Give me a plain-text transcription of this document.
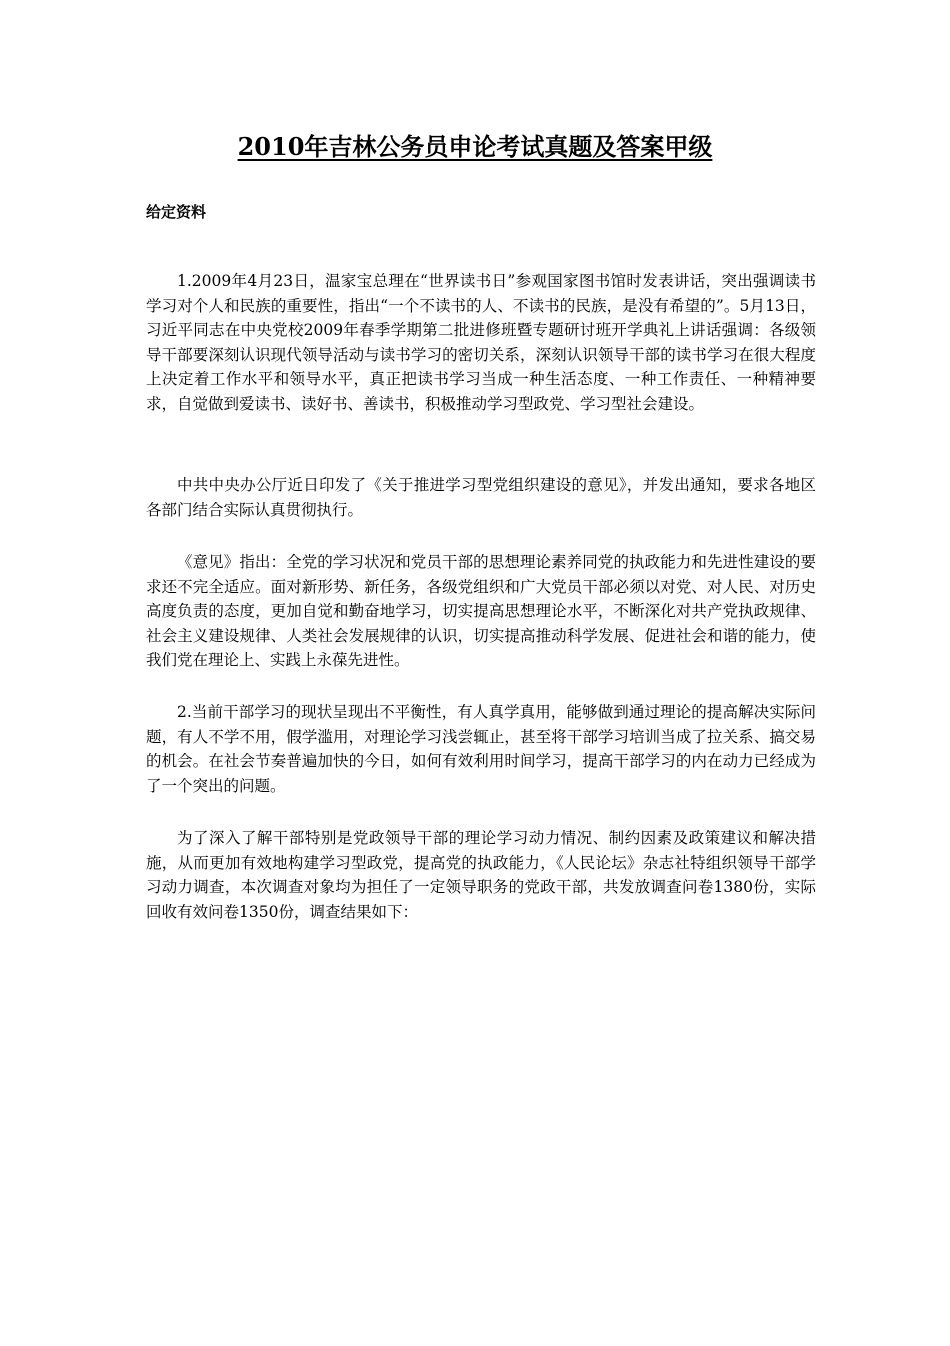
2010年吉林公务员申论考试真题及答案甲级
给定资料

1.2009年4月23日，温家宝总理在“世界读书日”参观国家图书馆时发表讲话，突出强调读书学习对个人和民族的重要性，指出“一个不读书的人、不读书的民族，是没有希望的”。5月13日，习近平同志在中央党校2009年春季学期第二批进修班暨专题研讨班开学典礼上讲话强调：各级领导干部要深刻认识现代领导活动与读书学习的密切关系，深刻认识领导干部的读书学习在很大程度上决定着工作水平和领导水平，真正把读书学习当成一种生活态度、一种工作责任、一种精神要求，自觉做到爱读书、读好书、善读书，积极推动学习型政党、学习型社会建设。

中共中央办公厅近日印发了《关于推进学习型党组织建设的意见》，并发出通知，要求各地区各部门结合实际认真贯彻执行。

《意见》指出：全党的学习状况和党员干部的思想理论素养同党的执政能力和先进性建设的要求还不完全适应。面对新形势、新任务，各级党组织和广大党员干部必须以对党、对人民、对历史高度负责的态度，更加自觉和勤奋地学习，切实提高思想理论水平，不断深化对共产党执政规律、社会主义建设规律、人类社会发展规律的认识，切实提高推动科学发展、促进社会和谐的能力，使我们党在理论上、实践上永葆先进性。

2.当前干部学习的现状呈现出不平衡性，有人真学真用，能够做到通过理论的提高解决实际问题，有人不学不用，假学滥用，对理论学习浅尝辄止，甚至将干部学习培训当成了拉关系、搞交易的机会。在社会节奏普遍加快的今日，如何有效利用时间学习，提高干部学习的内在动力已经成为了一个突出的问题。

为了深入了解干部特别是党政领导干部的理论学习动力情况、制约因素及政策建议和解决措施，从而更加有效地构建学习型政党，提高党的执政能力，《人民论坛》杂志社特组织领导干部学习动力调查，本次调查对象均为担任了一定领导职务的党政干部，共发放调查问卷1380份，实际回收有效问卷1350份，调查结果如下：
